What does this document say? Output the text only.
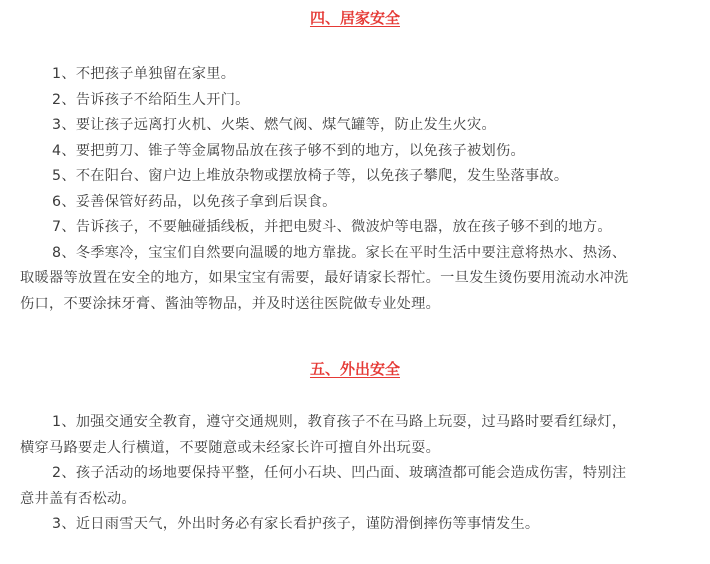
四、居家安全
1、不把孩子单独留在家里。
2、告诉孩子不给陌生人开门。
3、要让孩子远离打火机、火柴、燃气阀、煤气罐等，防止发生火灾。
4、要把剪刀、锥子等金属物品放在孩子够不到的地方，以免孩子被划伤。
5、不在阳台、窗户边上堆放杂物或摆放椅子等，以免孩子攀爬，发生坠落事故。
6、妥善保管好药品，以免孩子拿到后误食。
7、告诉孩子，不要触碰插线板，并把电熨斗、微波炉等电器，放在孩子够不到的地方。
8、冬季寒冷，宝宝们自然要向温暖的地方靠拢。家长在平时生活中要注意将热水、热汤、
取暖器等放置在安全的地方，如果宝宝有需要，最好请家长帮忙。一旦发生烫伤要用流动水冲洗
伤口，不要涂抹牙膏、酱油等物品，并及时送往医院做专业处理。
五、外出安全
1、加强交通安全教育，遵守交通规则，教育孩子不在马路上玩耍，过马路时要看红绿灯，
横穿马路要走人行横道，不要随意或未经家长许可擅自外出玩耍。
2、孩子活动的场地要保持平整，任何小石块、凹凸面、玻璃渣都可能会造成伤害，特别注
意井盖有否松动。
3、近日雨雪天气，外出时务必有家长看护孩子，谨防滑倒摔伤等事情发生。
